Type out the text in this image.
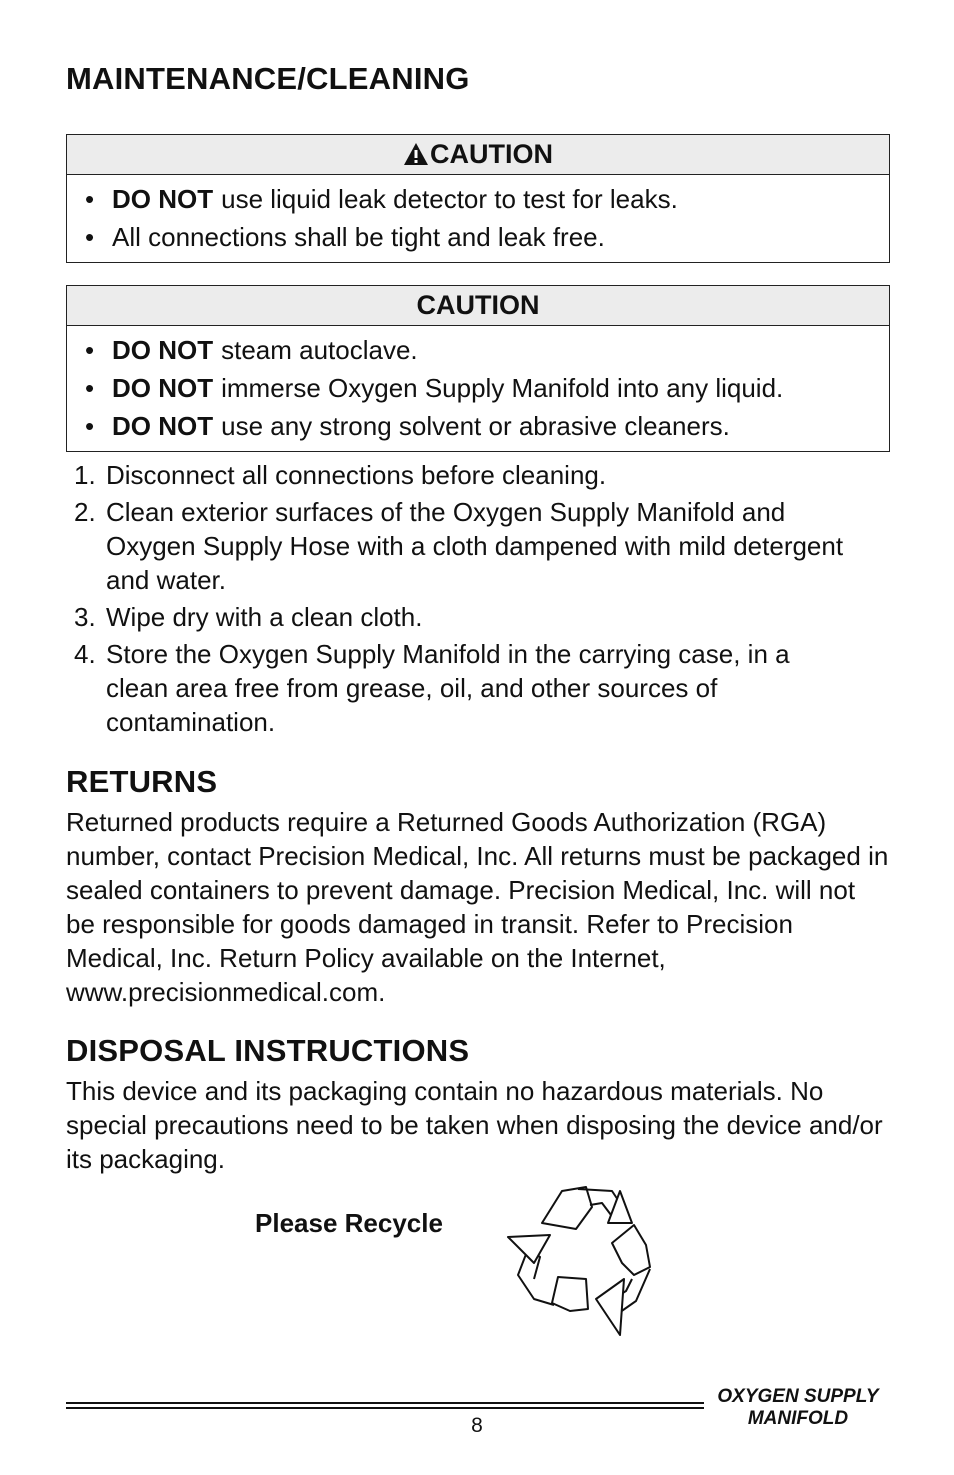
MAINTENANCE/CLEANING
CAUTION
• DO NOT use liquid leak detector to test for leaks.
• All connections shall be tight and leak free.
CAUTION
• DO NOT steam autoclave.
• DO NOT immerse Oxygen Supply Manifold into any liquid.
• DO NOT use any strong solvent or abrasive cleaners.
1. Disconnect all connections before cleaning.
2. Clean exterior surfaces of the Oxygen Supply Manifold and Oxygen Supply Hose with a cloth dampened with mild detergent and water.
3. Wipe dry with a clean cloth.
4. Store the Oxygen Supply Manifold in the carrying case, in a clean area free from grease, oil, and other sources of contamination.
RETURNS

Returned products require a Returned Goods Authorization (RGA) number, contact Precision Medical, Inc. All returns must be packaged in sealed containers to prevent damage. Precision Medical, Inc. will not be responsible for goods damaged in transit. Refer to Precision Medical, Inc. Return Policy available on the Internet, www.precisionmedical.com.

DISPOSAL INSTRUCTIONS

This device and its packaging contain no hazardous materials. No special precautions need to be taken when disposing the device and/or its packaging.

Please Recycle
8
OXYGEN SUPPLY
MANIFOLD
